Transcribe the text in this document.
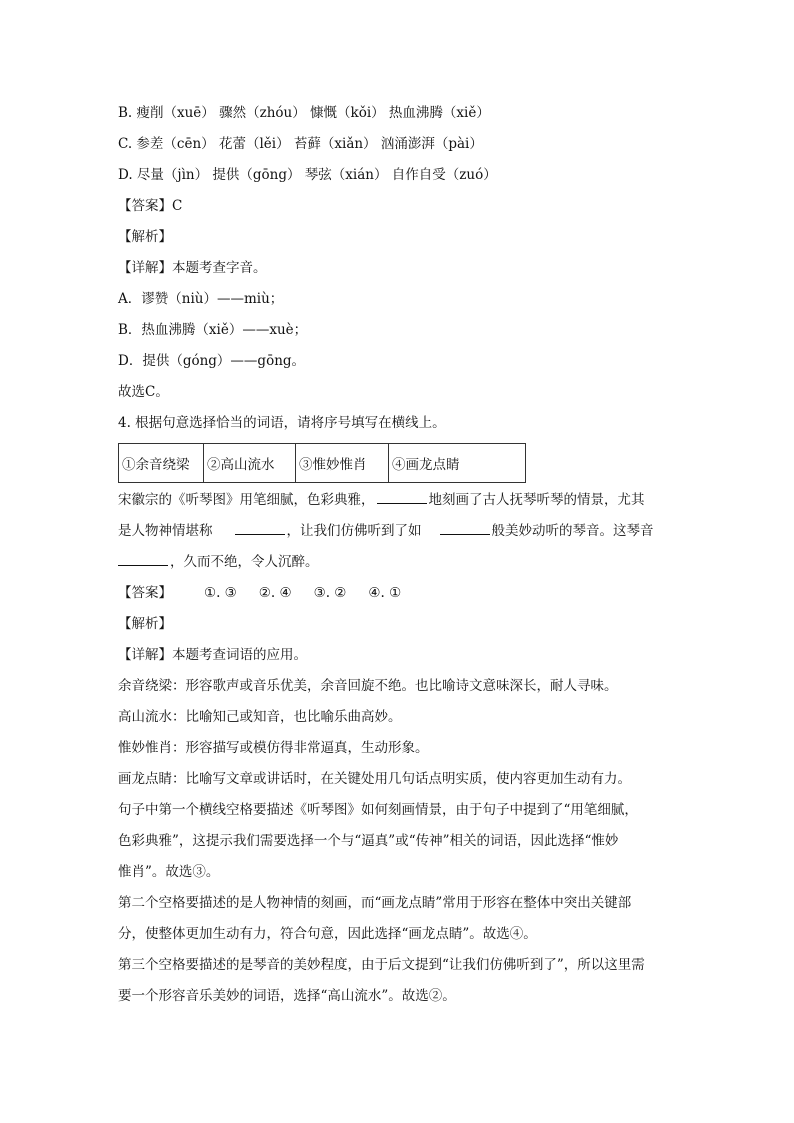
B. 瘦削（xuē） 骤然（zhóu） 慷慨（kǒi） 热血沸腾（xiě）
C. 参差（cēn） 花蕾（lěi） 苔藓（xiǎn） 汹涌澎湃（pài）
D. 尽量（jìn） 提供（gōng） 琴弦（xián） 自作自受（zuó）
【答案】C
【解析】
【详解】本题考查字音。
A．谬赞（niù）——miù；
B．热血沸腾（xiě）——xuè；
D．提供（góng）——gōng。
故选C。
4. 根据句意选择恰当的词语，请将序号填写在横线上。
①余音绕梁	②高山流水	③惟妙惟肖	④画龙点睛
宋徽宗的《听琴图》用笔细腻，色彩典雅，	地刻画了古人抚琴听琴的情景，尤其
是人物神情堪称	，让我们仿佛听到了如	般美妙动听的琴音。这琴音
，久而不绝，令人沉醉。
【答案】 ①. ③ ②. ④ ③. ② ④. ①
【解析】
【详解】本题考查词语的应用。
余音绕梁：形容歌声或音乐优美，余音回旋不绝。也比喻诗文意味深长，耐人寻味。
高山流水：比喻知己或知音，也比喻乐曲高妙。
惟妙惟肖：形容描写或模仿得非常逼真，生动形象。
画龙点睛：比喻写文章或讲话时，在关键处用几句话点明实质，使内容更加生动有力。
句子中第一个横线空格要描述《听琴图》如何刻画情景，由于句子中提到了“用笔细腻，
色彩典雅”，这提示我们需要选择一个与“逼真”或“传神”相关的词语，因此选择“惟妙
惟肖”。故选③。
第二个空格要描述的是人物神情的刻画，而“画龙点睛”常用于形容在整体中突出关键部
分，使整体更加生动有力，符合句意，因此选择“画龙点睛”。故选④。
第三个空格要描述的是琴音的美妙程度，由于后文提到“让我们仿佛听到了”，所以这里需
要一个形容音乐美妙的词语，选择“高山流水”。故选②。
